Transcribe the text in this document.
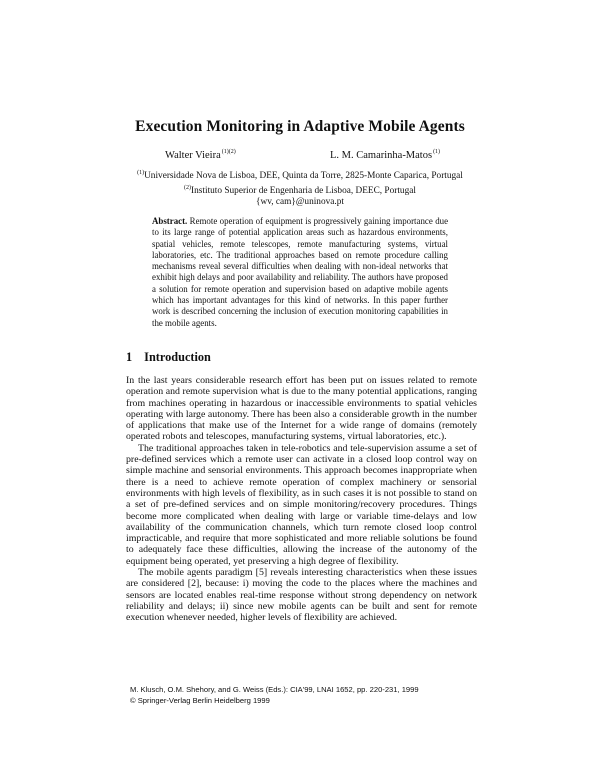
Execution Monitoring in Adaptive Mobile Agents
Walter Vieira$^{(1)(2)}$	L. M. Camarinha-Matos$^{(1)}$
$^{(1)}$Universidade Nova de Lisboa, DEE, Quinta da Torre, 2825-Monte Caparica, Portugal
$^{(2)}$Instituto Superior de Engenharia de Lisboa, DEEC, Portugal
{wv, cam}@uninova.pt
Abstract. Remote operation of equipment is progressively gaining importance due to its large range of potential application areas such as hazardous environments, spatial vehicles, remote telescopes, remote manufacturing systems, virtual laboratories, etc. The traditional approaches based on remote procedure calling mechanisms reveal several difficulties when dealing with non-ideal networks that exhibit high delays and poor availability and reliability. The authors have proposed a solution for remote operation and supervision based on adaptive mobile agents which has important advantages for this kind of networks. In this paper further work is described concerning the inclusion of execution monitoring capabilities in the mobile agents.
1 Introduction

In the last years considerable research effort has been put on issues related to remote operation and remote supervision what is due to the many potential applications, ranging from machines operating in hazardous or inaccessible environments to spatial vehicles operating with large autonomy. There has been also a considerable growth in the number of applications that make use of the Internet for a wide range of domains (remotely operated robots and telescopes, manufacturing systems, virtual laboratories, etc.).

The traditional approaches taken in tele-robotics and tele-supervision assume a set of pre-defined services which a remote user can activate in a closed loop control way on simple machine and sensorial environments. This approach becomes inappropriate when there is a need to achieve remote operation of complex machinery or sensorial environments with high levels of flexibility, as in such cases it is not possible to stand on a set of pre-defined services and on simple monitoring/recovery procedures. Things become more complicated when dealing with large or variable time-delays and low availability of the communication channels, which turn remote closed loop control impracticable, and require that more sophisticated and more reliable solutions be found to adequately face these difficulties, allowing the increase of the autonomy of the equipment being operated, yet preserving a high degree of flexibility.

The mobile agents paradigm [5] reveals interesting characteristics when these issues are considered [2], because: i) moving the code to the places where the machines and sensors are located enables real-time response without strong dependency on network reliability and delays; ii) since new mobile agents can be built and sent for remote execution whenever needed, higher levels of flexibility are achieved.

M. Klusch, O.M. Shehory, and G. Weiss (Eds.): CIA'99, LNAI 1652, pp. 220-231, 1999
© Springer-Verlag Berlin Heidelberg 1999
